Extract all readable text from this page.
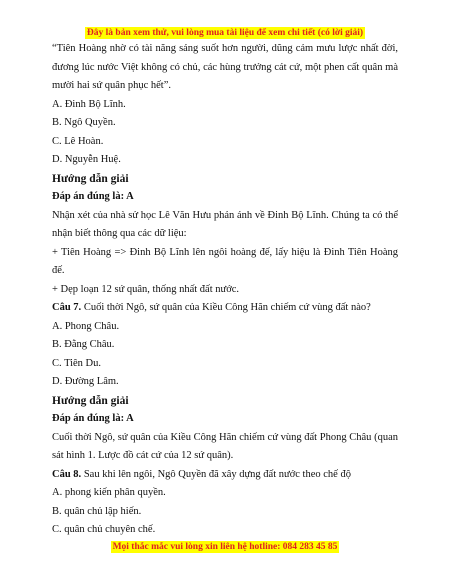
Đây là bản xem thử, vui lòng mua tài liệu để xem chi tiết (có lời giải)

“Tiên Hoàng nhờ có tài năng sáng suốt hơn người, dũng cảm mưu lược nhất đời, đương lúc nước Việt không có chủ, các hùng trưởng cát cứ, một phen cất quân mà mười hai sứ quân phục hết”.

A. Đinh Bộ Lĩnh.

B. Ngô Quyền.

C. Lê Hoàn.

D. Nguyễn Huệ.

Hướng dẫn giải

Đáp án đúng là: A

Nhận xét của nhà sử học Lê Văn Hưu phản ánh về Đinh Bộ Lĩnh. Chúng ta có thể nhận biết thông qua các dữ liệu:

+ Tiên Hoàng => Đinh Bộ Lĩnh lên ngôi hoàng đế, lấy hiệu là Đinh Tiên Hoàng đế.

+ Dẹp loạn 12 sứ quân, thống nhất đất nước.

Câu 7. Cuối thời Ngô, sứ quân của Kiều Công Hãn chiếm cứ vùng đất nào?

A. Phong Châu.

B. Đằng Châu.

C. Tiên Du.

D. Đường Lâm.

Hướng dẫn giải

Đáp án đúng là: A

Cuối thời Ngô, sứ quân của Kiều Công Hãn chiếm cứ vùng đất Phong Châu (quan sát hình 1. Lược đồ cát cứ của 12 sứ quân).

Câu 8. Sau khi lên ngôi, Ngô Quyền đã xây dựng đất nước theo chế độ

A. phong kiến phân quyền.

B. quân chủ lập hiến.

C. quân chủ chuyên chế.

Mọi thắc mắc vui lòng xin liên hệ hotline: 084 283 45 85
